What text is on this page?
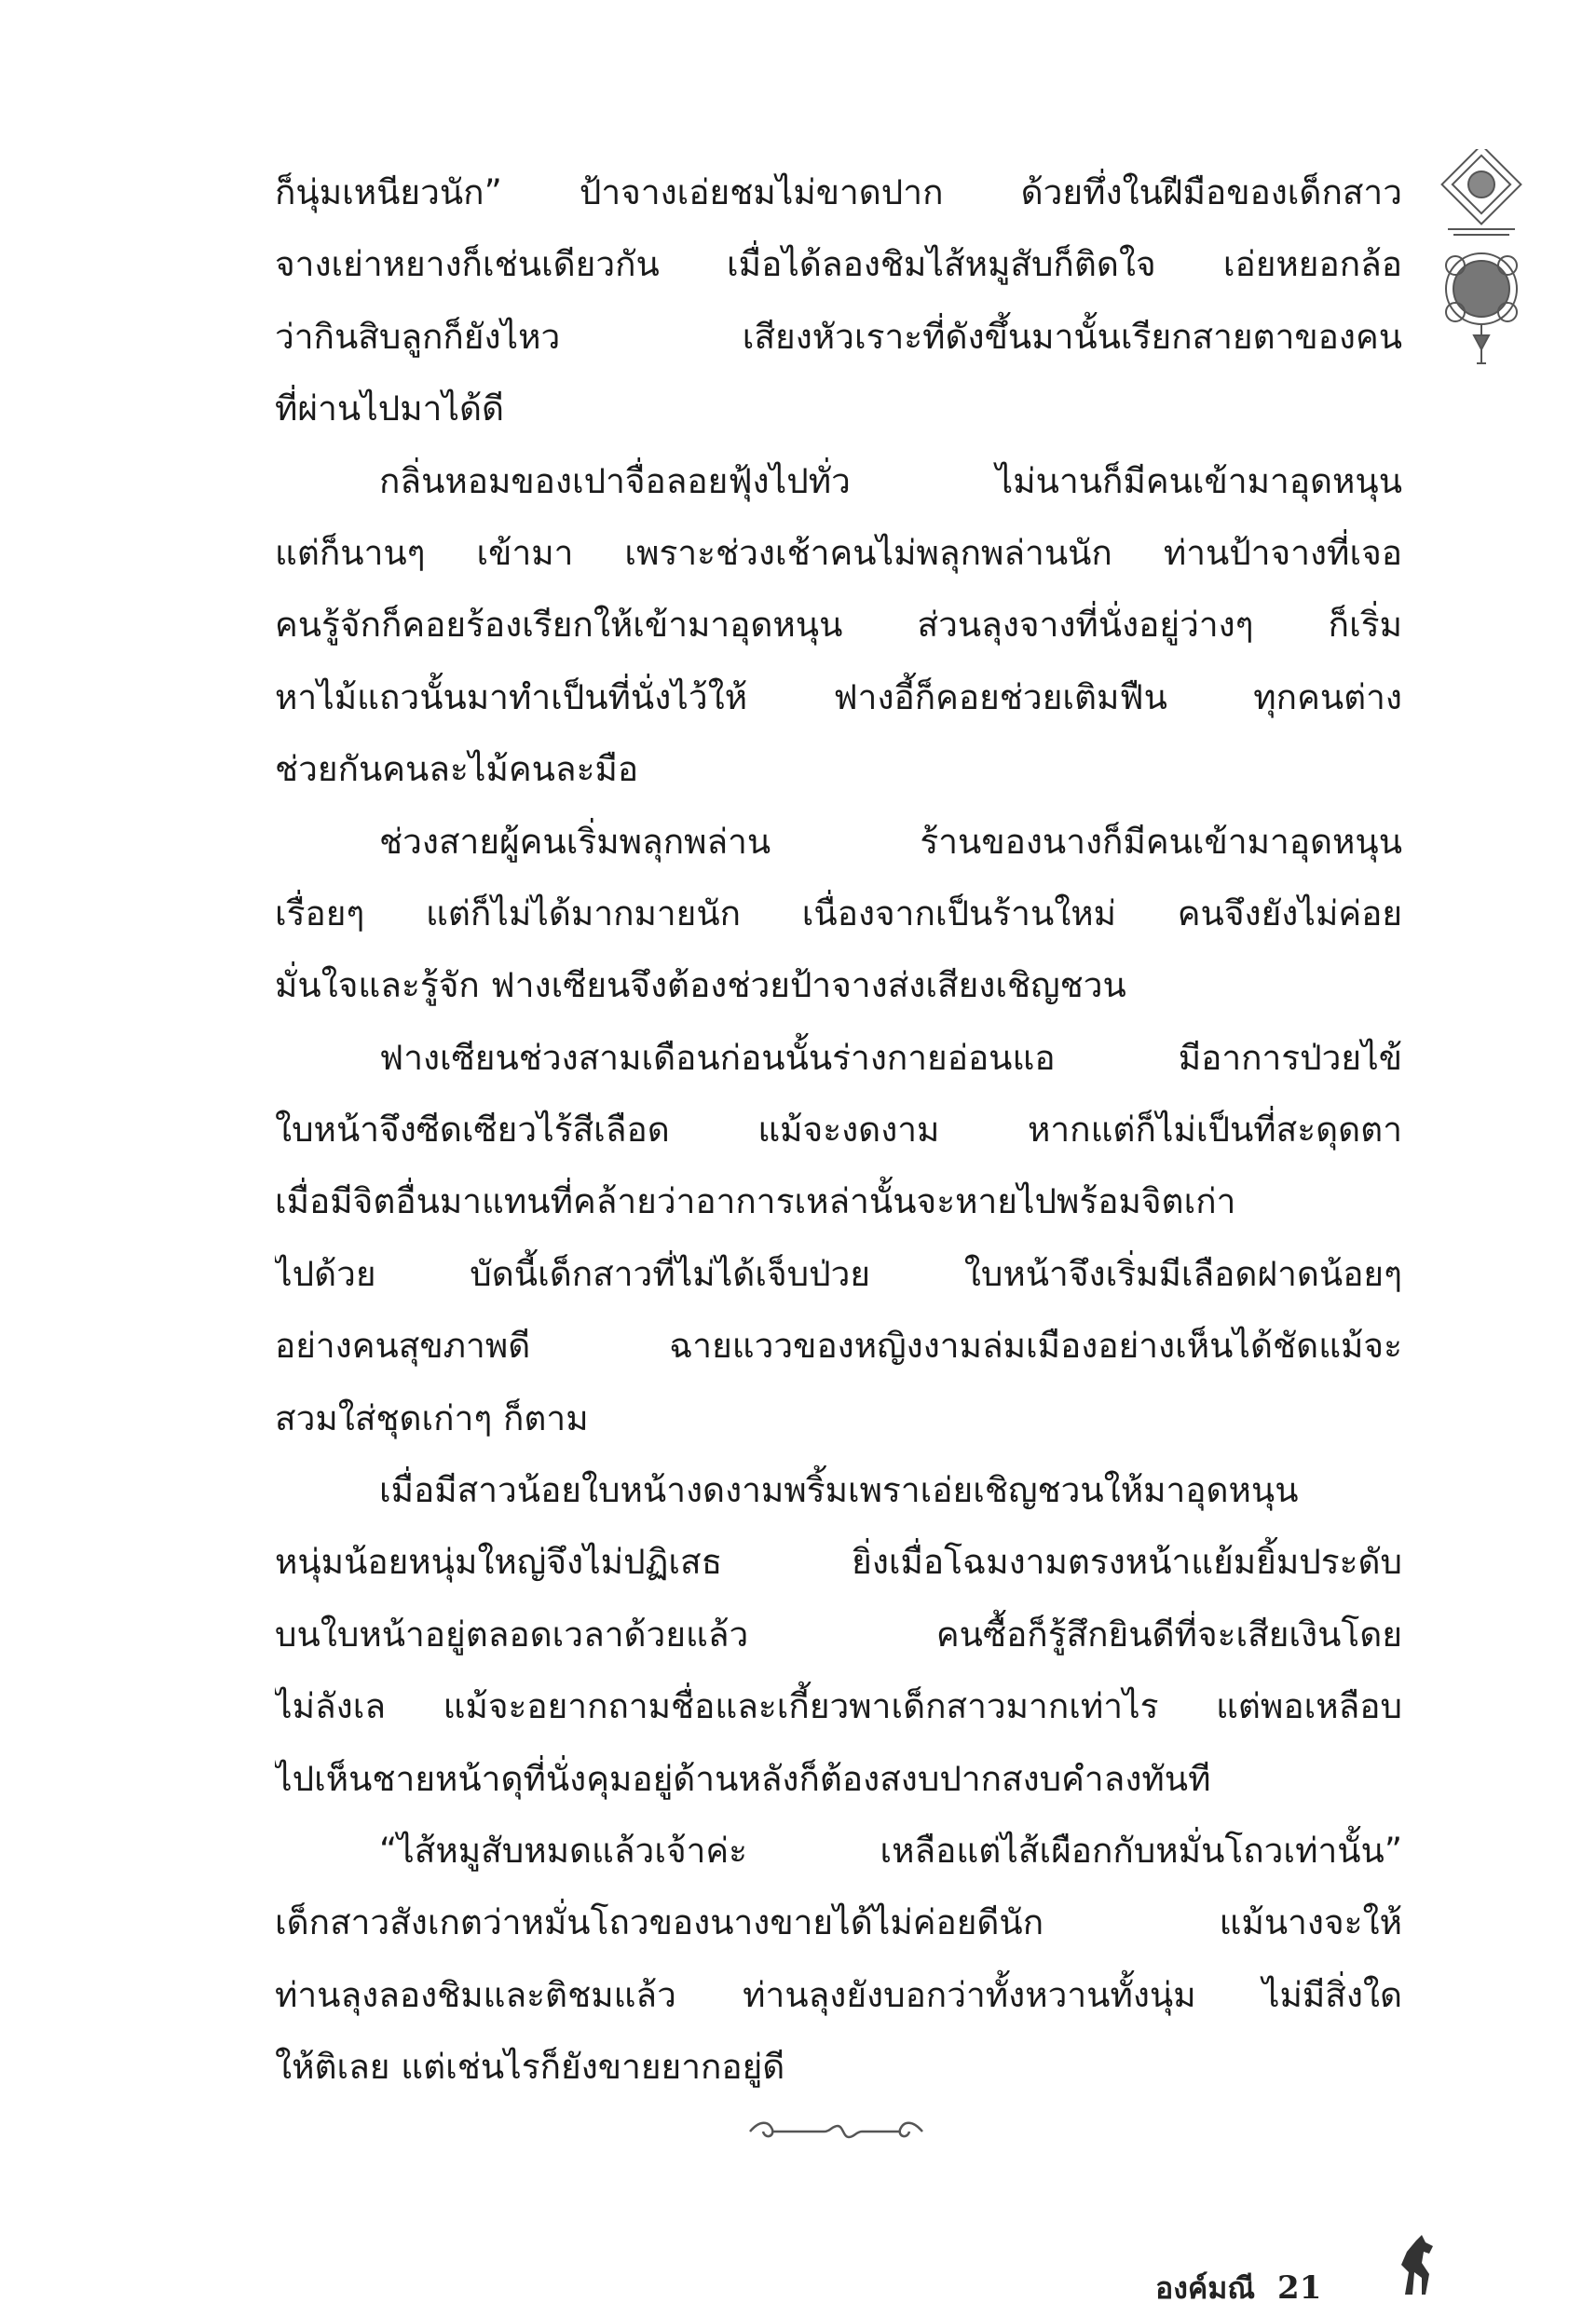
ก็นุ่มเหนียวนัก” ป้าจางเอ่ยชมไม่ขาดปาก ด้วยทึ่งในฝีมือของเด็กสาว
จางเย่าหยางก็เช่นเดียวกัน เมื่อได้ลองชิมไส้หมูสับก็ติดใจ เอ่ยหยอกล้อ
ว่ากินสิบลูกก็ยังไหว เสียงหัวเราะที่ดังขึ้นมานั้นเรียกสายตาของคน
ที่ผ่านไปมาได้ดี
กลิ่นหอมของเปาจื่อลอยฟุ้งไปทั่ว ไม่นานก็มีคนเข้ามาอุดหนุน
แต่ก็นานๆ เข้ามา เพราะช่วงเช้าคนไม่พลุกพล่านนัก ท่านป้าจางที่เจอ
คนรู้จักก็คอยร้องเรียกให้เข้ามาอุดหนุน ส่วนลุงจางที่นั่งอยู่ว่างๆ ก็เริ่ม
หาไม้แถวนั้นมาทำเป็นที่นั่งไว้ให้ ฟางอี้ก็คอยช่วยเติมฟืน ทุกคนต่าง
ช่วยกันคนละไม้คนละมือ
ช่วงสายผู้คนเริ่มพลุกพล่าน ร้านของนางก็มีคนเข้ามาอุดหนุน
เรื่อยๆ แต่ก็ไม่ได้มากมายนัก เนื่องจากเป็นร้านใหม่ คนจึงยังไม่ค่อย
มั่นใจและรู้จัก ฟางเซียนจึงต้องช่วยป้าจางส่งเสียงเชิญชวน
ฟางเซียนช่วงสามเดือนก่อนนั้นร่างกายอ่อนแอ มีอาการป่วยไข้
ใบหน้าจึงซีดเซียวไร้สีเลือด แม้จะงดงาม หากแต่ก็ไม่เป็นที่สะดุดตา
เมื่อมีจิตอื่นมาแทนที่คล้ายว่าอาการเหล่านั้นจะหายไปพร้อมจิตเก่า
ไปด้วย บัดนี้เด็กสาวที่ไม่ได้เจ็บป่วย ใบหน้าจึงเริ่มมีเลือดฝาดน้อยๆ
อย่างคนสุขภาพดี ฉายแววของหญิงงามล่มเมืองอย่างเห็นได้ชัดแม้จะ
สวมใส่ชุดเก่าๆ ก็ตาม
เมื่อมีสาวน้อยใบหน้างดงามพริ้มเพราเอ่ยเชิญชวนให้มาอุดหนุน
หนุ่มน้อยหนุ่มใหญ่จึงไม่ปฏิเสธ ยิ่งเมื่อโฉมงามตรงหน้าแย้มยิ้มประดับ
บนใบหน้าอยู่ตลอดเวลาด้วยแล้ว คนซื้อก็รู้สึกยินดีที่จะเสียเงินโดย
ไม่ลังเล แม้จะอยากถามชื่อและเกี้ยวพาเด็กสาวมากเท่าไร แต่พอเหลือบ
ไปเห็นชายหน้าดุที่นั่งคุมอยู่ด้านหลังก็ต้องสงบปากสงบคำลงทันที
“ไส้หมูสับหมดแล้วเจ้าค่ะ เหลือแต่ไส้เผือกกับหมั่นโถวเท่านั้น”
เด็กสาวสังเกตว่าหมั่นโถวของนางขายได้ไม่ค่อยดีนัก แม้นางจะให้
ท่านลุงลองชิมและติชมแล้ว ท่านลุงยังบอกว่าทั้งหวานทั้งนุ่ม ไม่มีสิ่งใด
ให้ติเลย แต่เช่นไรก็ยังขายยากอยู่ดี
องค์มณี 21
